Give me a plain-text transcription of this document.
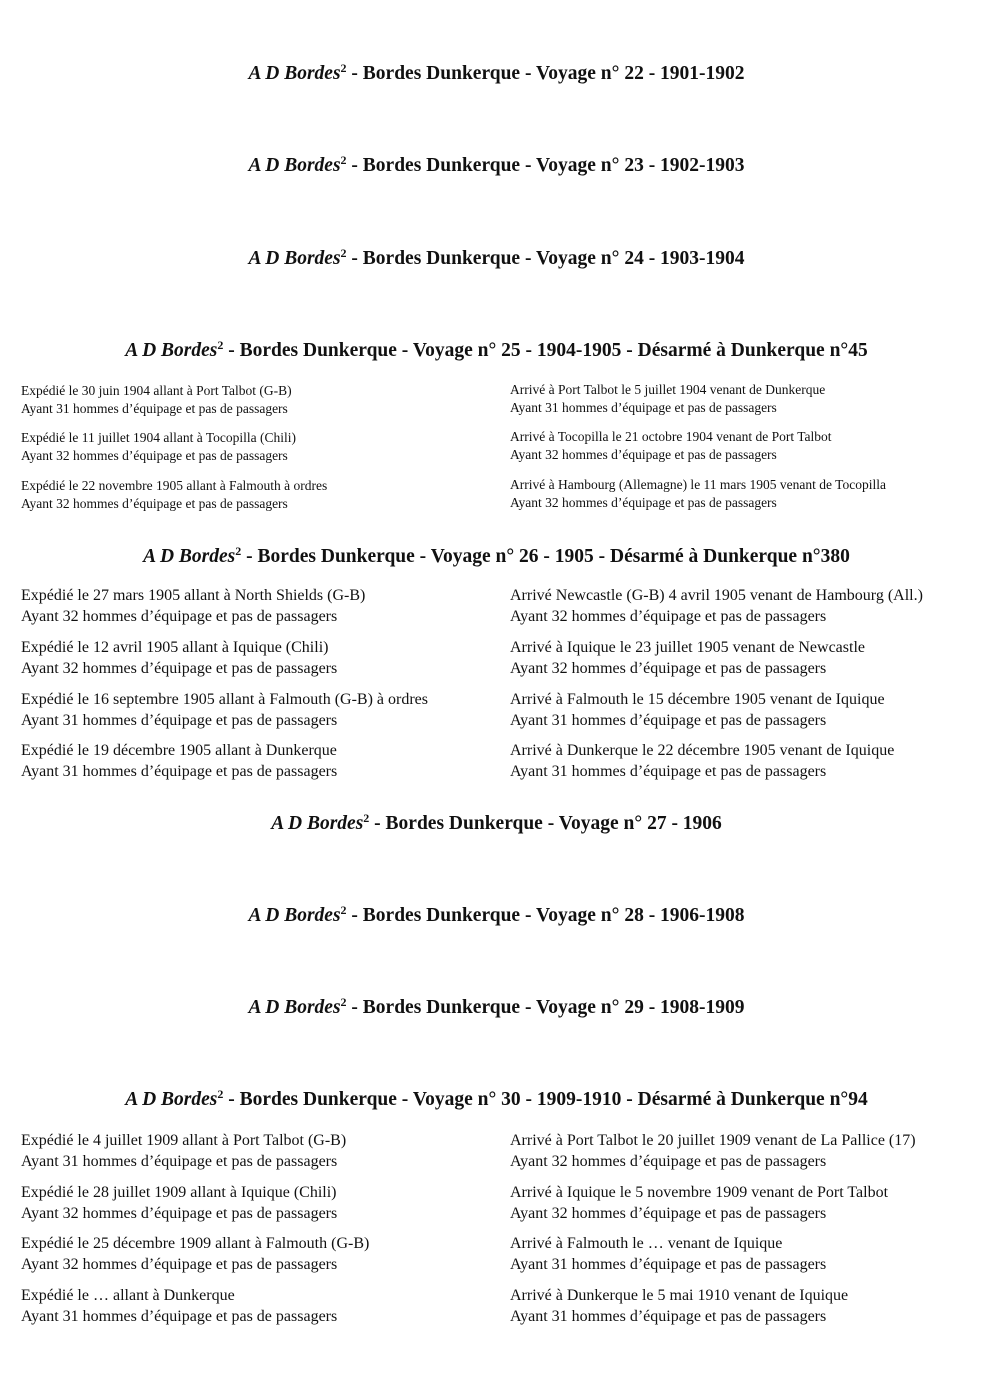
A D Bordes$^2$ - Bordes Dunkerque - Voyage n° 22 - 1901-1902
A D Bordes$^2$ - Bordes Dunkerque - Voyage n° 23 - 1902-1903
A D Bordes$^2$ - Bordes Dunkerque - Voyage n° 24 - 1903-1904
A D Bordes$^2$ - Bordes Dunkerque - Voyage n° 25 - 1904-1905 - Désarmé à Dunkerque n°45
Expédié le 30 juin 1904 allant à Port Talbot (G-B)
Ayant 31 hommes d’équipage et pas de passagers
Expédié le 11 juillet 1904 allant à Tocopilla (Chili)
Ayant 32 hommes d’équipage et pas de passagers
Expédié le 22 novembre 1905 allant à Falmouth à ordres
Ayant 32 hommes d’équipage et pas de passagers
Arrivé à Port Talbot le 5 juillet 1904 venant de Dunkerque
Ayant 31 hommes d’équipage et pas de passagers
Arrivé à Tocopilla le 21 octobre 1904 venant de Port Talbot
Ayant 32 hommes d’équipage et pas de passagers
Arrivé à Hambourg (Allemagne) le 11 mars 1905 venant de Tocopilla
Ayant 32 hommes d’équipage et pas de passagers
A D Bordes$^2$ - Bordes Dunkerque - Voyage n° 26 - 1905 - Désarmé à Dunkerque n°380
Expédié le 27 mars 1905 allant à North Shields (G-B)
Ayant 32 hommes d’équipage et pas de passagers
Expédié le 12 avril 1905 allant à Iquique (Chili)
Ayant 32 hommes d’équipage et pas de passagers
Expédié le 16 septembre 1905 allant à Falmouth (G-B) à ordres
Ayant 31 hommes d’équipage et pas de passagers
Expédié le 19 décembre 1905 allant à Dunkerque
Ayant 31 hommes d’équipage et pas de passagers
Arrivé Newcastle (G-B) 4 avril 1905 venant de Hambourg (All.)
Ayant 32 hommes d’équipage et pas de passagers
Arrivé à Iquique le 23 juillet 1905 venant de Newcastle
Ayant 32 hommes d’équipage et pas de passagers
Arrivé à Falmouth le 15 décembre 1905 venant de Iquique
Ayant 31 hommes d’équipage et pas de passagers
Arrivé à Dunkerque le 22 décembre 1905 venant de Iquique
Ayant 31 hommes d’équipage et pas de passagers
A D Bordes$^2$ - Bordes Dunkerque - Voyage n° 27 - 1906
A D Bordes$^2$ - Bordes Dunkerque - Voyage n° 28 - 1906-1908
A D Bordes$^2$ - Bordes Dunkerque - Voyage n° 29 - 1908-1909
A D Bordes$^2$ - Bordes Dunkerque - Voyage n° 30 - 1909-1910 - Désarmé à Dunkerque n°94
Expédié le 4 juillet 1909 allant à Port Talbot (G-B)
Ayant 31 hommes d’équipage et pas de passagers
Expédié le 28 juillet 1909 allant à Iquique (Chili)
Ayant 32 hommes d’équipage et pas de passagers
Expédié le 25 décembre 1909 allant à Falmouth (G-B)
Ayant 32 hommes d’équipage et pas de passagers
Expédié le … allant à Dunkerque
Ayant 31 hommes d’équipage et pas de passagers
Arrivé à Port Talbot le 20 juillet 1909 venant de La Pallice (17)
Ayant 32 hommes d’équipage et pas de passagers
Arrivé à Iquique le 5 novembre 1909 venant de Port Talbot
Ayant 32 hommes d’équipage et pas de passagers
Arrivé à Falmouth le … venant de Iquique
Ayant 31 hommes d’équipage et pas de passagers
Arrivé à Dunkerque le 5 mai 1910 venant de Iquique
Ayant 31 hommes d’équipage et pas de passagers
